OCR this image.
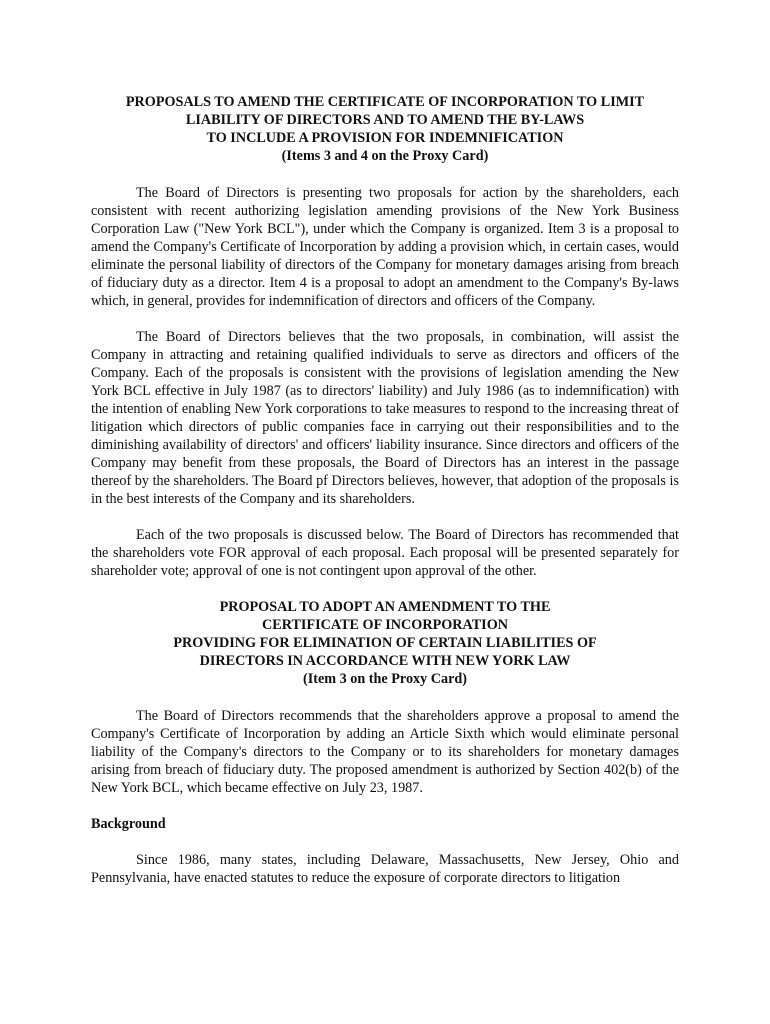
PROPOSALS TO AMEND THE CERTIFICATE OF INCORPORATION TO LIMIT
LIABILITY OF DIRECTORS AND TO AMEND THE BY-LAWS
TO INCLUDE A PROVISION FOR INDEMNIFICATION
(Items 3 and 4 on the Proxy Card)

The Board of Directors is presenting two proposals for action by the shareholders, each consistent with recent authorizing legislation amending provisions of the New York Business Corporation Law ("New York BCL"), under which the Company is organized. Item 3 is a proposal to amend the Company's Certificate of Incorporation by adding a provision which, in certain cases, would eliminate the personal liability of directors of the Company for monetary damages arising from breach of fiduciary duty as a director. Item 4 is a proposal to adopt an amendment to the Company's By-laws which, in general, provides for indemnification of directors and officers of the Company.

The Board of Directors believes that the two proposals, in combination, will assist the Company in attracting and retaining qualified individuals to serve as directors and officers of the Company. Each of the proposals is consistent with the provisions of legislation amending the New York BCL effective in July 1987 (as to directors' liability) and July 1986 (as to indemnification) with the intention of enabling New York corporations to take measures to respond to the increasing threat of litigation which directors of public companies face in carrying out their responsibilities and to the diminishing availability of directors' and officers' liability insurance. Since directors and officers of the Company may benefit from these proposals, the Board of Directors has an interest in the passage thereof by the shareholders. The Board pf Directors believes, however, that adoption of the proposals is in the best interests of the Company and its shareholders.

Each of the two proposals is discussed below. The Board of Directors has recommended that the shareholders vote FOR approval of each proposal. Each proposal will be presented separately for shareholder vote; approval of one is not contingent upon approval of the other.

PROPOSAL TO ADOPT AN AMENDMENT TO THE
CERTIFICATE OF INCORPORATION
PROVIDING FOR ELIMINATION OF CERTAIN LIABILITIES OF
DIRECTORS IN ACCORDANCE WITH NEW YORK LAW
(Item 3 on the Proxy Card)

The Board of Directors recommends that the shareholders approve a proposal to amend the Company's Certificate of Incorporation by adding an Article Sixth which would eliminate personal liability of the Company's directors to the Company or to its shareholders for monetary damages arising from breach of fiduciary duty. The proposed amendment is authorized by Section 402(b) of the New York BCL, which became effective on July 23, 1987.

Background

Since 1986, many states, including Delaware, Massachusetts, New Jersey, Ohio and Pennsylvania, have enacted statutes to reduce the exposure of corporate directors to litigation
